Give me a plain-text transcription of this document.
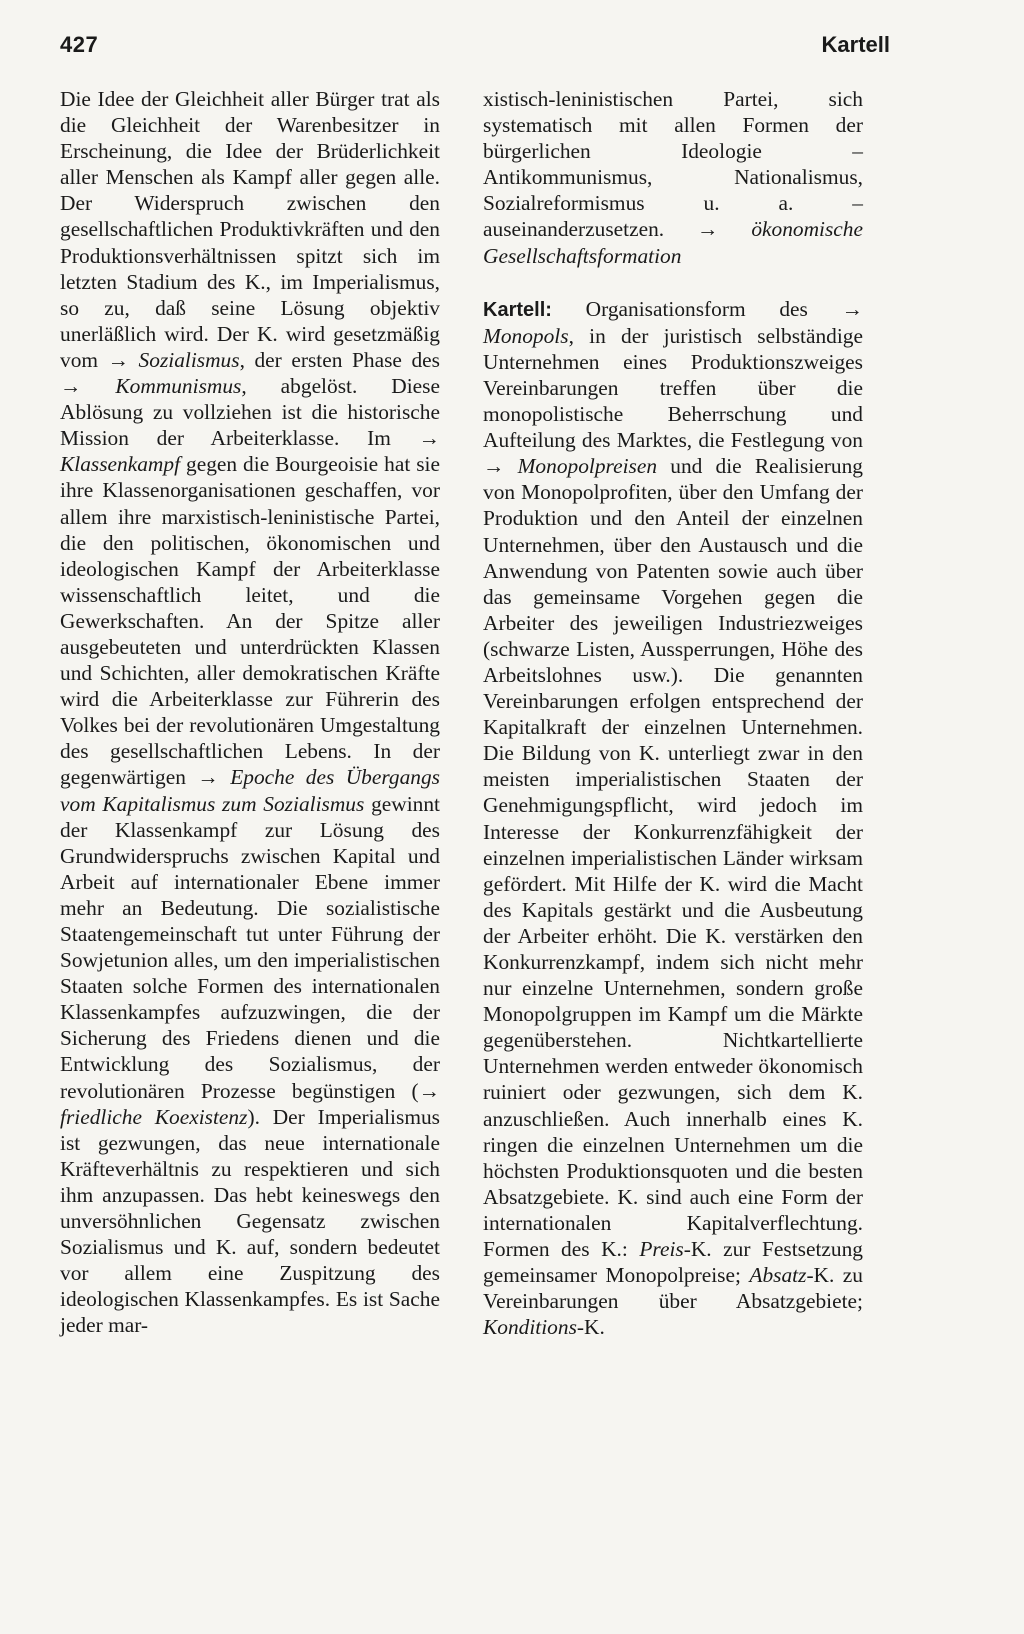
427	Kartell

Die Idee der Gleichheit aller Bürger trat als die Gleichheit der Warenbesitzer in Erscheinung, die Idee der Brüderlichkeit aller Menschen als Kampf aller gegen alle. Der Widerspruch zwischen den gesellschaftlichen Produktivkräften und den Produktionsverhältnissen spitzt sich im letzten Stadium des K., im Imperialismus, so zu, daß seine Lösung objektiv unerläßlich wird. Der K. wird gesetzmäßig vom → Sozialismus, der ersten Phase des → Kommunismus, abgelöst. Diese Ablösung zu vollziehen ist die historische Mission der Arbeiterklasse. Im → Klassenkampf gegen die Bourgeoisie hat sie ihre Klassenorganisationen geschaffen, vor allem ihre marxistisch-leninistische Partei, die den politischen, ökonomischen und ideologischen Kampf der Arbeiterklasse wissenschaftlich leitet, und die Gewerkschaften. An der Spitze aller ausgebeuteten und unterdrückten Klassen und Schichten, aller demokratischen Kräfte wird die Arbeiterklasse zur Führerin des Volkes bei der revolutionären Umgestaltung des gesellschaftlichen Lebens. In der gegenwärtigen → Epoche des Übergangs vom Kapitalismus zum Sozialismus gewinnt der Klassenkampf zur Lösung des Grundwiderspruchs zwischen Kapital und Arbeit auf internationaler Ebene immer mehr an Bedeutung. Die sozialistische Staatengemeinschaft tut unter Führung der Sowjetunion alles, um den imperialistischen Staaten solche Formen des internationalen Klassenkampfes aufzuzwingen, die der Sicherung des Friedens dienen und die Entwicklung des Sozialismus, der revolutionären Prozesse begünstigen (→ friedliche Koexistenz). Der Imperialismus ist gezwungen, das neue internationale Kräfteverhältnis zu respektieren und sich ihm anzupassen. Das hebt keineswegs den unversöhnlichen Gegensatz zwischen Sozialismus und K. auf, sondern bedeutet vor allem eine Zuspitzung des ideologischen Klassenkampfes. Es ist Sache jeder mar-

xistisch-leninistischen Partei, sich systematisch mit allen Formen der bürgerlichen Ideologie – Antikommunismus, Nationalismus, Sozialreformismus u. a. – auseinanderzusetzen. → ökonomische Gesellschaftsformation

Kartell: Organisationsform des → Monopols, in der juristisch selbständige Unternehmen eines Produktionszweiges Vereinbarungen treffen über die monopolistische Beherrschung und Aufteilung des Marktes, die Festlegung von → Monopolpreisen und die Realisierung von Monopolprofiten, über den Umfang der Produktion und den Anteil der einzelnen Unternehmen, über den Austausch und die Anwendung von Patenten sowie auch über das gemeinsame Vorgehen gegen die Arbeiter des jeweiligen Industriezweiges (schwarze Listen, Aussperrungen, Höhe des Arbeitslohnes usw.). Die genannten Vereinbarungen erfolgen entsprechend der Kapitalkraft der einzelnen Unternehmen. Die Bildung von K. unterliegt zwar in den meisten imperialistischen Staaten der Genehmigungspflicht, wird jedoch im Interesse der Konkurrenzfähigkeit der einzelnen imperialistischen Länder wirksam gefördert. Mit Hilfe der K. wird die Macht des Kapitals gestärkt und die Ausbeutung der Arbeiter erhöht. Die K. verstärken den Konkurrenzkampf, indem sich nicht mehr nur einzelne Unternehmen, sondern große Monopolgruppen im Kampf um die Märkte gegenüberstehen. Nichtkartellierte Unternehmen werden entweder ökonomisch ruiniert oder gezwungen, sich dem K. anzuschließen. Auch innerhalb eines K. ringen die einzelnen Unternehmen um die höchsten Produktionsquoten und die besten Absatzgebiete. K. sind auch eine Form der internationalen Kapitalverflechtung. Formen des K.: Preis-K. zur Festsetzung gemeinsamer Monopolpreise; Absatz-K. zu Vereinbarungen über Absatzgebiete; Konditions-K.
